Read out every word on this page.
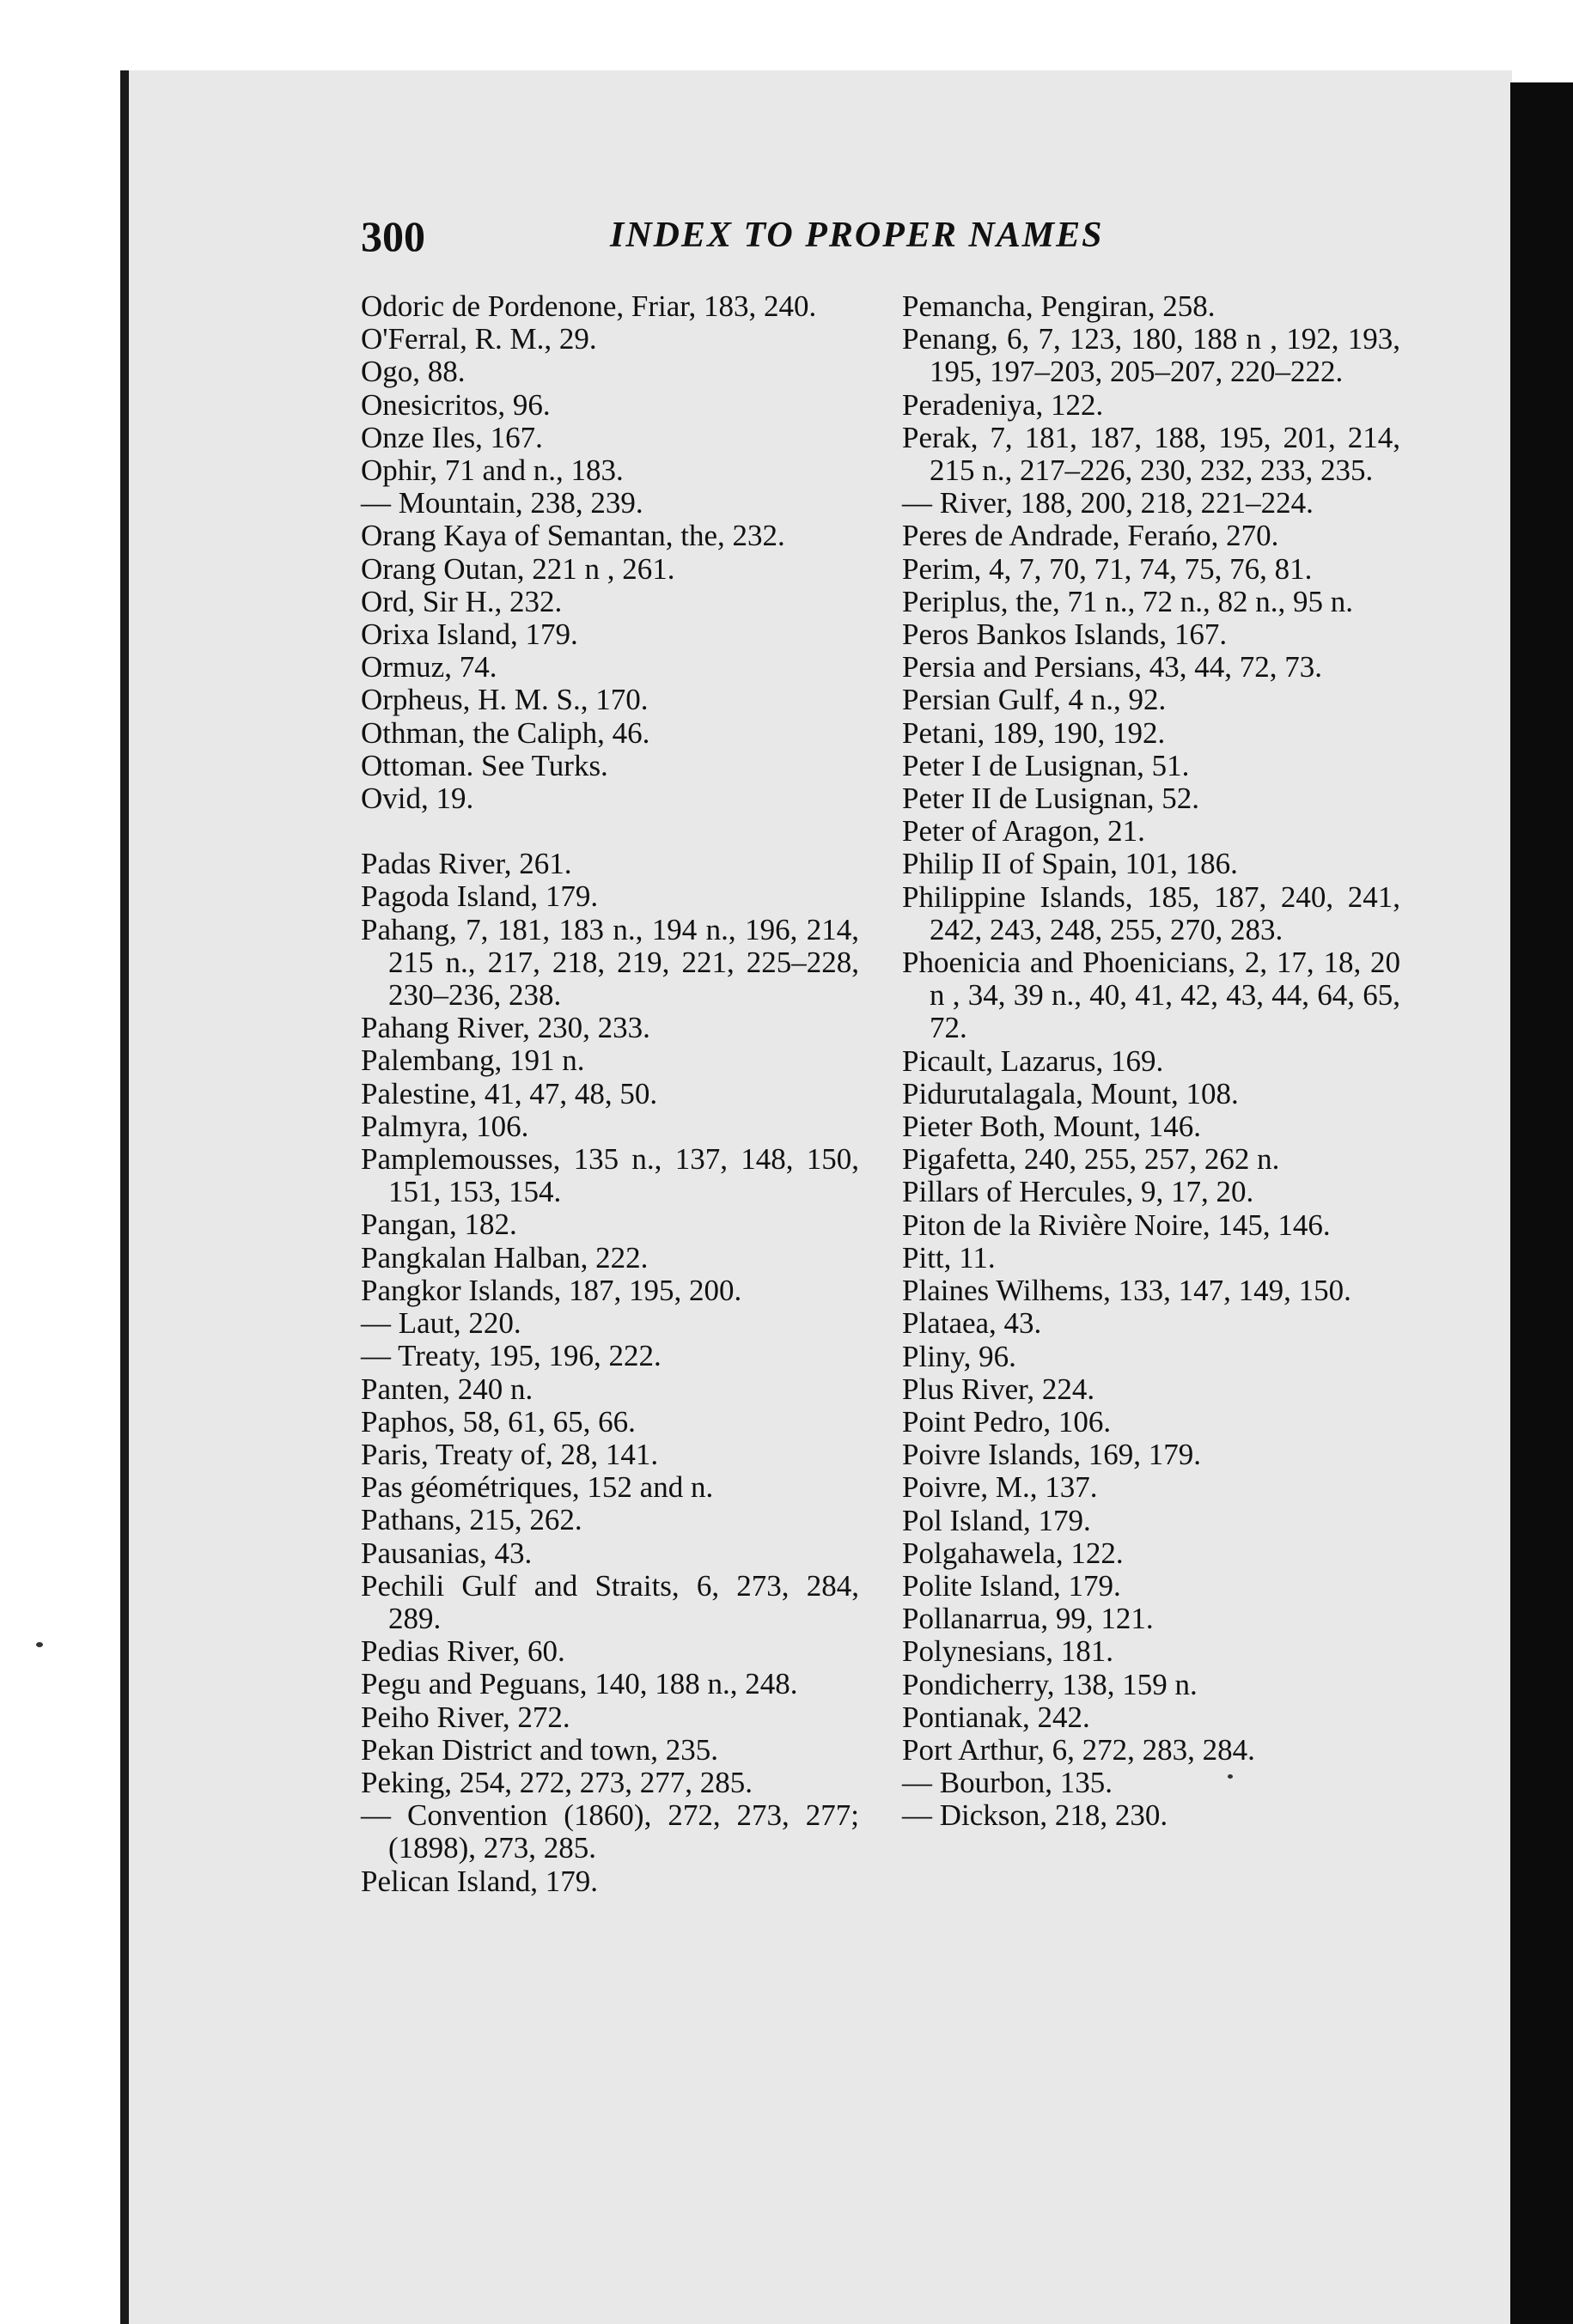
300	INDEX TO PROPER NAMES
Odoric de Pordenone, Friar, 183, 240.
O'Ferral, R. M., 29.
Ogo, 88.
Onesicritos, 96.
Onze Iles, 167.
Ophir, 71 and n., 183.
— Mountain, 238, 239.
Orang Kaya of Semantan, the, 232.
Orang Outan, 221 n , 261.
Ord, Sir H., 232.
Orixa Island, 179.
Ormuz, 74.
Orpheus, H. M. S., 170.
Othman, the Caliph, 46.
Ottoman. See Turks.
Ovid, 19.
Padas River, 261.
Pagoda Island, 179.
Pahang, 7, 181, 183 n., 194 n., 196, 214, 215 n., 217, 218, 219, 221, 225–228, 230–236, 238.
Pahang River, 230, 233.
Palembang, 191 n.
Palestine, 41, 47, 48, 50.
Palmyra, 106.
Pamplemousses, 135 n., 137, 148, 150, 151, 153, 154.
Pangan, 182.
Pangkalan Halban, 222.
Pangkor Islands, 187, 195, 200.
— Laut, 220.
— Treaty, 195, 196, 222.
Panten, 240 n.
Paphos, 58, 61, 65, 66.
Paris, Treaty of, 28, 141.
Pas géométriques, 152 and n.
Pathans, 215, 262.
Pausanias, 43.
Pechili Gulf and Straits, 6, 273, 284, 289.
Pedias River, 60.
Pegu and Peguans, 140, 188 n., 248.
Peiho River, 272.
Pekan District and town, 235.
Peking, 254, 272, 273, 277, 285.
— Convention (1860), 272, 273, 277; (1898), 273, 285.
Pelican Island, 179.
Pemancha, Pengiran, 258.
Penang, 6, 7, 123, 180, 188 n , 192, 193, 195, 197–203, 205–207, 220–222.
Peradeniya, 122.
Perak, 7, 181, 187, 188, 195, 201, 214, 215 n., 217–226, 230, 232, 233, 235.
— River, 188, 200, 218, 221–224.
Peres de Andrade, Ferańo, 270.
Perim, 4, 7, 70, 71, 74, 75, 76, 81.
Periplus, the, 71 n., 72 n., 82 n., 95 n.
Peros Bankos Islands, 167.
Persia and Persians, 43, 44, 72, 73.
Persian Gulf, 4 n., 92.
Petani, 189, 190, 192.
Peter I de Lusignan, 51.
Peter II de Lusignan, 52.
Peter of Aragon, 21.
Philip II of Spain, 101, 186.
Philippine Islands, 185, 187, 240, 241, 242, 243, 248, 255, 270, 283.
Phoenicia and Phoenicians, 2, 17, 18, 20 n , 34, 39 n., 40, 41, 42, 43, 44, 64, 65, 72.
Picault, Lazarus, 169.
Pidurutalagala, Mount, 108.
Pieter Both, Mount, 146.
Pigafetta, 240, 255, 257, 262 n.
Pillars of Hercules, 9, 17, 20.
Piton de la Rivière Noire, 145, 146.
Pitt, 11.
Plaines Wilhems, 133, 147, 149, 150.
Plataea, 43.
Pliny, 96.
Plus River, 224.
Point Pedro, 106.
Poivre Islands, 169, 179.
Poivre, M., 137.
Pol Island, 179.
Polgahawela, 122.
Polite Island, 179.
Pollanarrua, 99, 121.
Polynesians, 181.
Pondicherry, 138, 159 n.
Pontianak, 242.
Port Arthur, 6, 272, 283, 284.
— Bourbon, 135.
— Dickson, 218, 230.
